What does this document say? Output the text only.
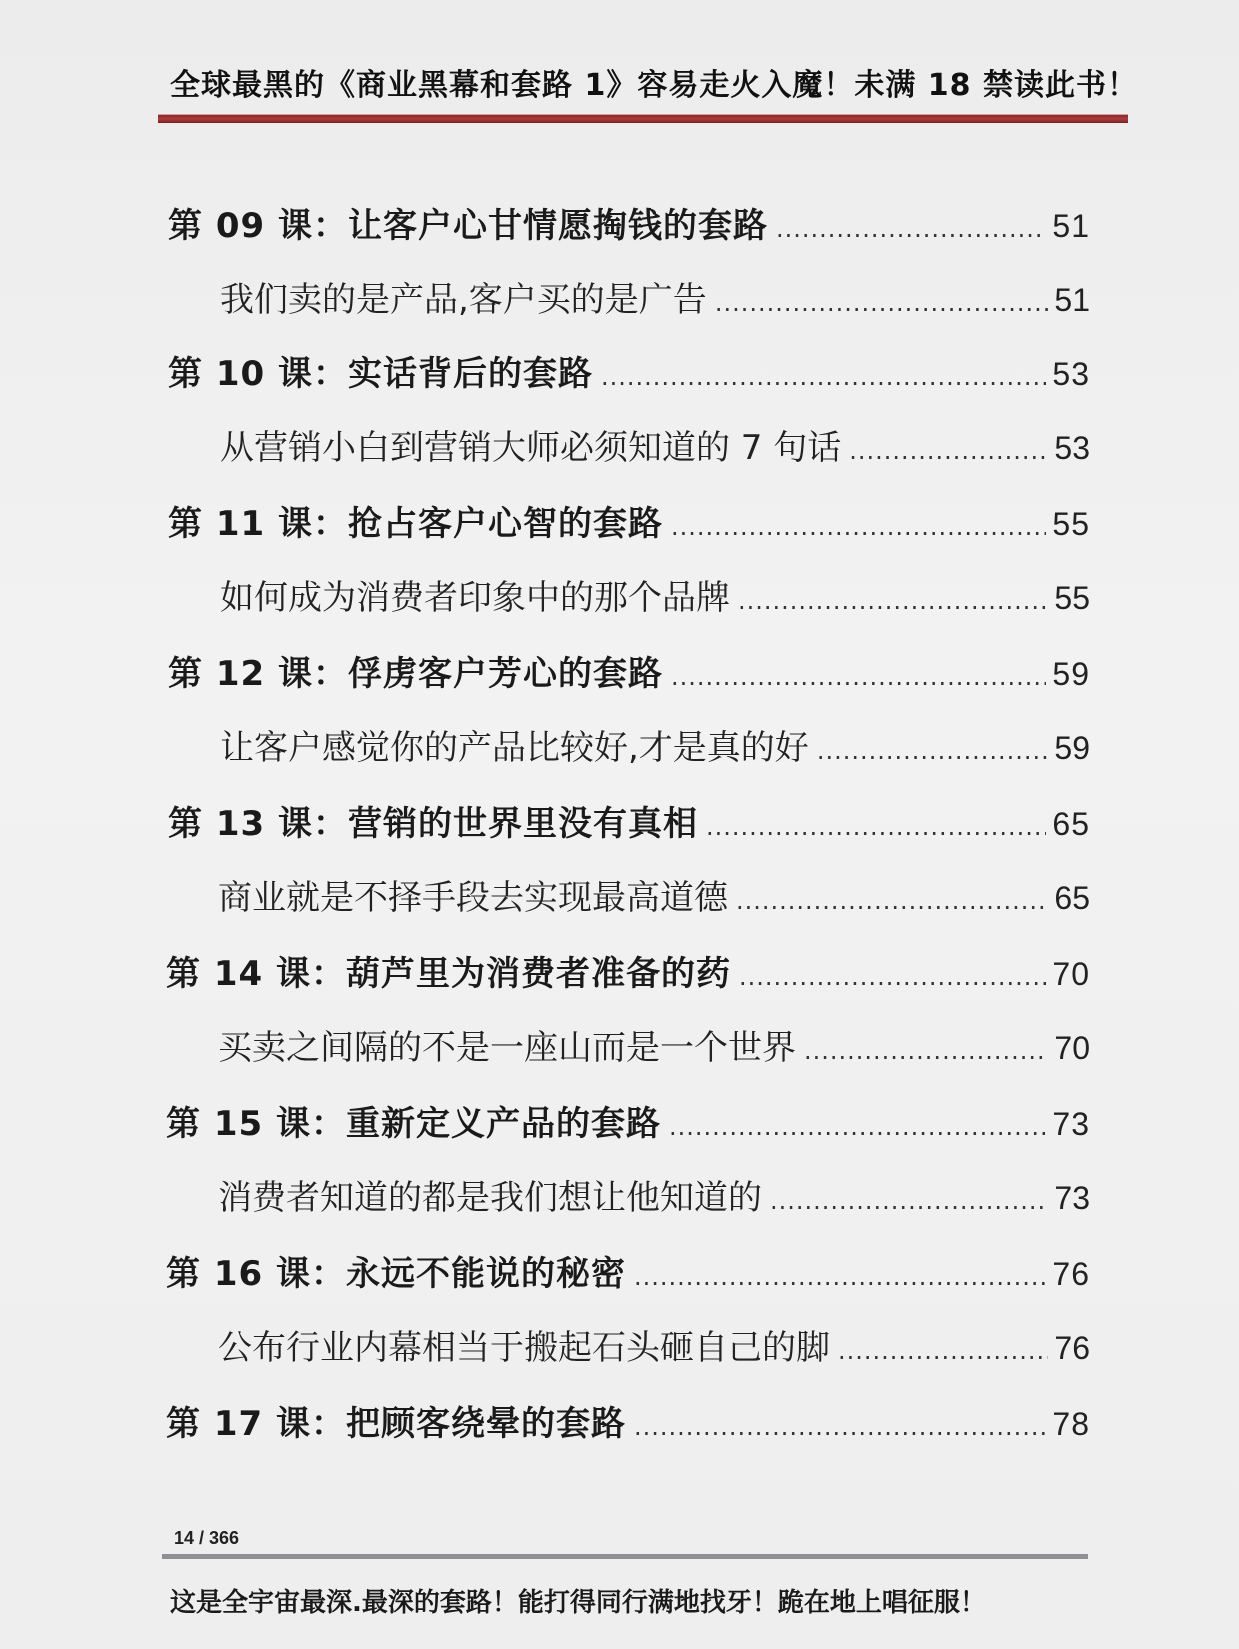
全球最黑的《商业黑幕和套路 1》容易走火入魔！未满 18 禁读此书！
第 09 课：让客户心甘情愿掏钱的套路 .....	51
我们卖的是产品,客户买的是广告 .....	51
第 10 课：实话背后的套路 .....	53
从营销小白到营销大师必须知道的 7 句话 .....	53
第 11 课：抢占客户心智的套路 .....	55
如何成为消费者印象中的那个品牌 .....	55
第 12 课：俘虏客户芳心的套路 .....	59
让客户感觉你的产品比较好,才是真的好 .....	59
第 13 课：营销的世界里没有真相 .....	65
商业就是不择手段去实现最高道德 .....	65
第 14 课：葫芦里为消费者准备的药 .....	70
买卖之间隔的不是一座山而是一个世界 .....	70
第 15 课：重新定义产品的套路 .....	73
消费者知道的都是我们想让他知道的 .....	73
第 16 课：永远不能说的秘密 .....	76
公布行业内幕相当于搬起石头砸自己的脚 .....	76
第 17 课：把顾客绕晕的套路 .....	78
14 / 366
这是全宇宙最深.最深的套路！能打得同行满地找牙！跪在地上唱征服！
